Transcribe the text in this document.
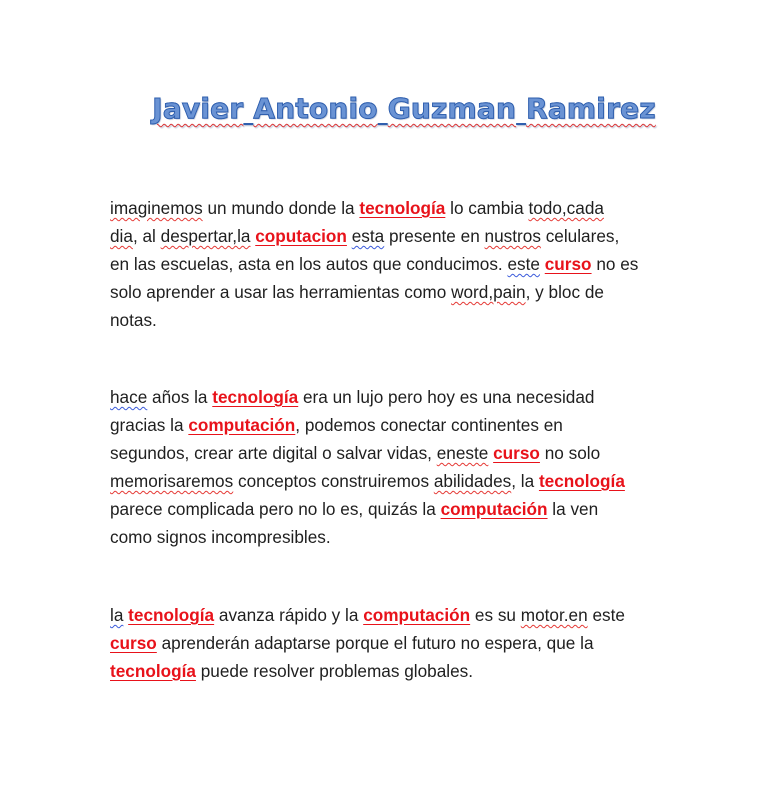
Javier Antonio Guzman Ramirez
imaginemos un mundo donde la tecnología lo cambia todo,cada
dia, al despertar,la coputacion esta presente en nustros celulares,
en las escuelas, asta en los autos que conducimos. este curso no es
solo aprender a usar las herramientas como word,pain, y bloc de
notas.
hace años la tecnología era un lujo pero hoy es una necesidad
gracias la computación, podemos conectar continentes en
segundos, crear arte digital o salvar vidas, eneste curso no solo
memorisaremos conceptos construiremos abilidades, la tecnología
parece complicada pero no lo es, quizás la computación la ven
como signos incompresibles.
la tecnología avanza rápido y la computación es su motor.en este
curso aprenderán adaptarse porque el futuro no espera, que la
tecnología puede resolver problemas globales.
